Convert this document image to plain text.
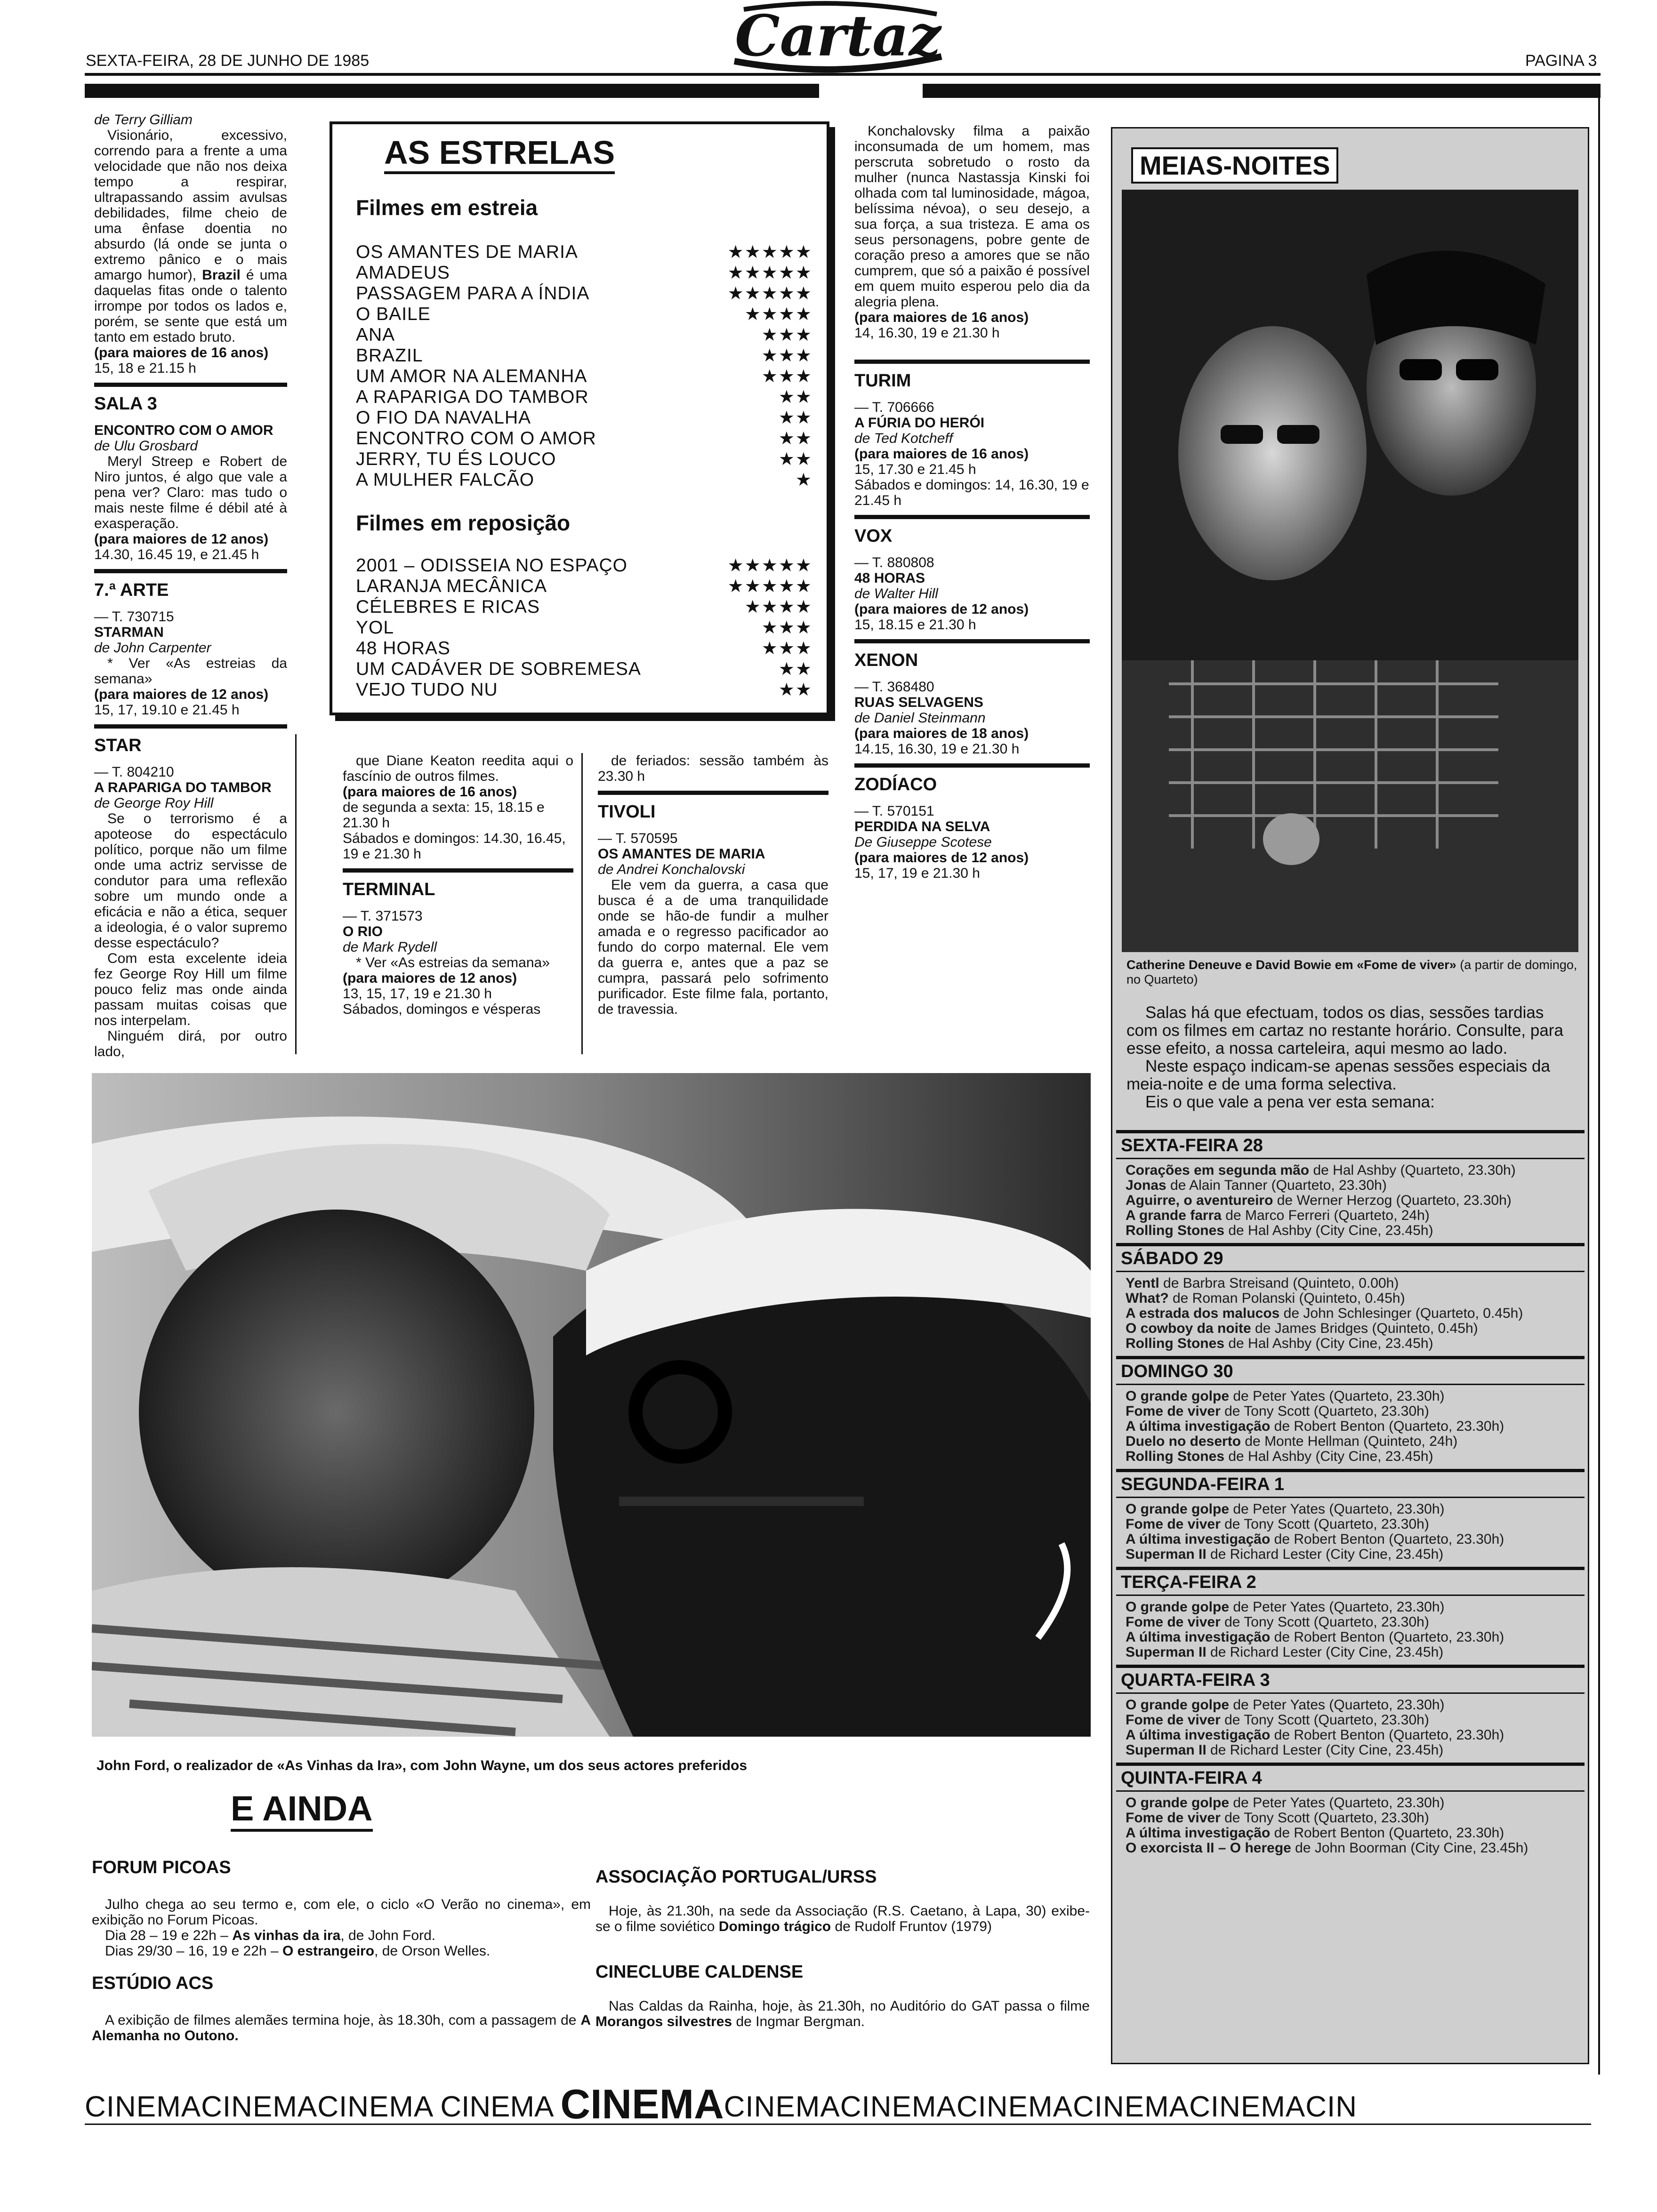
SEXTA-FEIRA, 28 DE JUNHO DE 1985	Cartaz	PAGINA 3

de Terry Gilliam

Visionário, excessivo, correndo para a frente a uma velocidade que não nos deixa tempo a respirar, ultrapassando assim avulsas debilidades, filme cheio de uma ênfase doentia no absurdo (lá onde se junta o extremo pânico e o mais amargo humor), Brazil é uma daquelas fitas onde o talento irrompe por todos os lados e, porém, se sente que está um tanto em estado bruto.

(para maiores de 16 anos)

15, 18 e 21.15 h

SALA 3

ENCONTRO COM O AMOR

de Ulu Grosbard

Meryl Streep e Robert de Niro juntos, é algo que vale a pena ver? Claro: mas tudo o mais neste filme é débil até à exasperação.

(para maiores de 12 anos)

14.30, 16.45 19, e 21.45 h

7.ª ARTE

— T. 730715

STARMAN

de John Carpenter

* Ver «As estreias da semana»

(para maiores de 12 anos)

15, 17, 19.10 e 21.45 h

STAR

— T. 804210

A RAPARIGA DO TAMBOR

de George Roy Hill

Se o terrorismo é a apoteose do espectáculo político, porque não um filme onde uma actriz servisse de condutor para uma reflexão sobre um mundo onde a eficácia e não a ética, sequer a ideologia, é o valor supremo desse espectáculo?

Com esta excelente ideia fez George Roy Hill um filme pouco feliz mas onde ainda passam muitas coisas que nos interpelam.

Ninguém dirá, por outro lado,

AS ESTRELAS
Filmes em estreia
OS AMANTES DE MARIA	★★★★★
AMADEUS	★★★★★
PASSAGEM PARA A ÍNDIA	★★★★★
O BAILE	★★★★
ANA	★★★
BRAZIL	★★★
UM AMOR NA ALEMANHA	★★★
A RAPARIGA DO TAMBOR	★★
O FIO DA NAVALHA	★★
ENCONTRO COM O AMOR	★★
JERRY, TU ÉS LOUCO	★★
A MULHER FALCÃO	★
Filmes em reposição
2001 – ODISSEIA NO ESPAÇO	★★★★★
LARANJA MECÂNICA	★★★★★
CÉLEBRES E RICAS	★★★★
YOL	★★★
48 HORAS	★★★
UM CADÁVER DE SOBREMESA	★★
VEJO TUDO NU	★★

que Diane Keaton reedita aqui o fascínio de outros filmes.

(para maiores de 16 anos)

de segunda a sexta: 15, 18.15 e 21.30 h

Sábados e domingos: 14.30, 16.45, 19 e 21.30 h

TERMINAL

— T. 371573

O RIO

de Mark Rydell

* Ver «As estreias da semana»

(para maiores de 12 anos)

13, 15, 17, 19 e 21.30 h

Sábados, domingos e vésperas

de feriados: sessão também às 23.30 h

TIVOLI

— T. 570595

OS AMANTES DE MARIA

de Andrei Konchalovski

Ele vem da guerra, a casa que busca é a de uma tranquilidade onde se hão-de fundir a mulher amada e o regresso pacificador ao fundo do corpo maternal. Ele vem da guerra e, antes que a paz se cumpra, passará pelo sofrimento purificador. Este filme fala, portanto, de travessia.

Konchalovsky filma a paixão inconsumada de um homem, mas perscruta sobretudo o rosto da mulher (nunca Nastassja Kinski foi olhada com tal luminosidade, mágoa, belíssima névoa), o seu desejo, a sua força, a sua tristeza. E ama os seus personagens, pobre gente de coração preso a amores que se não cumprem, que só a paixão é possível em quem muito esperou pelo dia da alegria plena.

(para maiores de 16 anos)

14, 16.30, 19 e 21.30 h

TURIM

— T. 706666

A FÚRIA DO HERÓI

de Ted Kotcheff

(para maiores de 16 anos)

15, 17.30 e 21.45 h

Sábados e domingos: 14, 16.30, 19 e 21.45 h

VOX

— T. 880808

48 HORAS

de Walter Hill

(para maiores de 12 anos)

15, 18.15 e 21.30 h

XENON

— T. 368480

RUAS SELVAGENS

de Daniel Steinmann

(para maiores de 18 anos)

14.15, 16.30, 19 e 21.30 h

ZODÍACO

— T. 570151

PERDIDA NA SELVA

De Giuseppe Scotese

(para maiores de 12 anos)

15, 17, 19 e 21.30 h

John Ford, o realizador de «As Vinhas da Ira», com John Wayne, um dos seus actores preferidos
E AINDA
FORUM PICOAS

Julho chega ao seu termo e, com ele, o ciclo «O Verão no cinema», em exibição no Forum Picoas.

Dia 28 – 19 e 22h – As vinhas da ira, de John Ford.

Dias 29/30 – 16, 19 e 22h – O estrangeiro, de Orson Welles.

ESTÚDIO ACS

A exibição de filmes alemães termina hoje, às 18.30h, com a passagem de A Alemanha no Outono.

ASSOCIAÇÃO PORTUGAL/URSS

Hoje, às 21.30h, na sede da Associação (R.S. Caetano, à Lapa, 30) exibe-se o filme soviético Domingo trágico de Rudolf Fruntov (1979)

CINECLUBE CALDENSE

Nas Caldas da Rainha, hoje, às 21.30h, no Auditório do GAT passa o filme Morangos silvestres de Ingmar Bergman.

MEIAS-NOITES
Catherine Deneuve e David Bowie em «Fome de viver» (a partir de domingo, no Quarteto)

Salas há que efectuam, todos os dias, sessões tardias com os filmes em cartaz no restante horário. Consulte, para esse efeito, a nossa carteleira, aqui mesmo ao lado.

Neste espaço indicam-se apenas sessões especiais da meia-noite e de uma forma selectiva.

Eis o que vale a pena ver esta semana:

SEXTA-FEIRA 28

Corações em segunda mão de Hal Ashby (Quarteto, 23.30h)

Jonas de Alain Tanner (Quarteto, 23.30h)

Aguirre, o aventureiro de Werner Herzog (Quarteto, 23.30h)

A grande farra de Marco Ferreri (Quarteto, 24h)

Rolling Stones de Hal Ashby (City Cine, 23.45h)

SÁBADO 29

Yentl de Barbra Streisand (Quinteto, 0.00h)

What? de Roman Polanski (Quinteto, 0.45h)

A estrada dos malucos de John Schlesinger (Quarteto, 0.45h)

O cowboy da noite de James Bridges (Quinteto, 0.45h)

Rolling Stones de Hal Ashby (City Cine, 23.45h)

DOMINGO 30

O grande golpe de Peter Yates (Quarteto, 23.30h)

Fome de viver de Tony Scott (Quarteto, 23.30h)

A última investigação de Robert Benton (Quarteto, 23.30h)

Duelo no deserto de Monte Hellman (Quinteto, 24h)

Rolling Stones de Hal Ashby (City Cine, 23.45h)

SEGUNDA-FEIRA 1

O grande golpe de Peter Yates (Quarteto, 23.30h)

Fome de viver de Tony Scott (Quarteto, 23.30h)

A última investigação de Robert Benton (Quarteto, 23.30h)

Superman II de Richard Lester (City Cine, 23.45h)

TERÇA-FEIRA 2

O grande golpe de Peter Yates (Quarteto, 23.30h)

Fome de viver de Tony Scott (Quarteto, 23.30h)

A última investigação de Robert Benton (Quarteto, 23.30h)

Superman II de Richard Lester (City Cine, 23.45h)

QUARTA-FEIRA 3

O grande golpe de Peter Yates (Quarteto, 23.30h)

Fome de viver de Tony Scott (Quarteto, 23.30h)

A última investigação de Robert Benton (Quarteto, 23.30h)

Superman II de Richard Lester (City Cine, 23.45h)

QUINTA-FEIRA 4

O grande golpe de Peter Yates (Quarteto, 23.30h)

Fome de viver de Tony Scott (Quarteto, 23.30h)

A última investigação de Robert Benton (Quarteto, 23.30h)

O exorcista II – O herege de John Boorman (City Cine, 23.45h)

CINEMACINEMACINEMA CINEMA CINEMA CINEMACINEMACINEMACINEMACINEMACIN
